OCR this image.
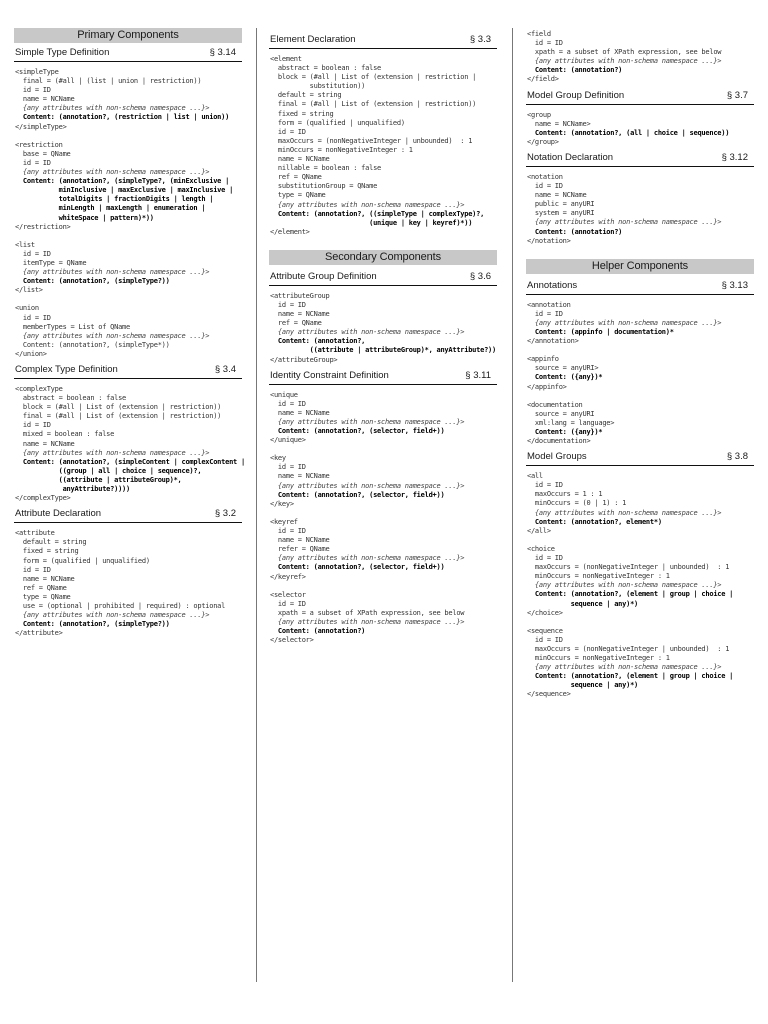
Primary Components
Simple Type Definition	§ 3.14
<simpleType
final = (#all | (list | union | restriction))
id = ID
name = NCName
{any attributes with non-schema namespace ...}>
Content: (annotation?, (restriction | list | union))
</simpleType>
<restriction
base = QName
id = ID
{any attributes with non-schema namespace ...}>
Content: (annotation?, (simpleType?, (minExclusive |
minInclusive | maxExclusive | maxInclusive |
totalDigits | fractionDigits | length |
minLength | maxLength | enumeration |
whiteSpace | pattern)*))
</restriction>
<list
id = ID
itemType = QName
{any attributes with non-schema namespace ...}>
Content: (annotation?, (simpleType?))
</list>
<union
id = ID
memberTypes = List of QName
{any attributes with non-schema namespace ...}>
Content: (annotation?, (simpleType*))
</union>
Complex Type Definition	§ 3.4
<complexType
abstract = boolean : false
block = (#all | List of (extension | restriction))
final = (#all | List of (extension | restriction))
id = ID
mixed = boolean : false
name = NCName
{any attributes with non-schema namespace ...}>
Content: (annotation?, (simpleContent | complexContent |
((group | all | choice | sequence)?,
((attribute | attributeGroup)*,
anyAttribute?))))
</complexType>
Attribute Declaration	§ 3.2
<attribute
default = string
fixed = string
form = (qualified | unqualified)
id = ID
name = NCName
ref = QName
type = QName
use = (optional | prohibited | required) : optional
{any attributes with non-schema namespace ...}>
Content: (annotation?, (simpleType?))
</attribute>
Element Declaration	§ 3.3
<element
abstract = boolean : false
block = (#all | List of (extension | restriction |
substitution))
default = string
final = (#all | List of (extension | restriction))
fixed = string
form = (qualified | unqualified)
id = ID
maxOccurs = (nonNegativeInteger | unbounded)  : 1
minOccurs = nonNegativeInteger : 1
name = NCName
nillable = boolean : false
ref = QName
substitutionGroup = QName
type = QName
{any attributes with non-schema namespace ...}>
Content: (annotation?, ((simpleType | complexType)?,
(unique | key | keyref)*))
</element>
Secondary Components
Attribute Group Definition	§ 3.6
<attributeGroup
id = ID
name = NCName
ref = QName
{any attributes with non-schema namespace ...}>
Content: (annotation?,
((attribute | attributeGroup)*, anyAttribute?))
</attributeGroup>
Identity Constraint Definition	§ 3.11
<unique
id = ID
name = NCName
{any attributes with non-schema namespace ...}>
Content: (annotation?, (selector, field+))
</unique>
<key
id = ID
name = NCName
{any attributes with non-schema namespace ...}>
Content: (annotation?, (selector, field+))
</key>
<keyref
id = ID
name = NCName
refer = QName
{any attributes with non-schema namespace ...}>
Content: (annotation?, (selector, field+))
</keyref>
<selector
id = ID
xpath = a subset of XPath expression, see below
{any attributes with non-schema namespace ...}>
Content: (annotation?)
</selector>
<field
id = ID
xpath = a subset of XPath expression, see below
{any attributes with non-schema namespace ...}>
Content: (annotation?)
</field>
Model Group Definition	§ 3.7
<group
name = NCName>
Content: (annotation?, (all | choice | sequence))
</group>
Notation Declaration	§ 3.12
<notation
id = ID
name = NCName
public = anyURI
system = anyURI
{any attributes with non-schema namespace ...}>
Content: (annotation?)
</notation>
Helper Components
Annotations	§ 3.13
<annotation
id = ID
{any attributes with non-schema namespace ...}>
Content: (appinfo | documentation)*
</annotation>
<appinfo
source = anyURI>
Content: ({any})*
</appinfo>
<documentation
source = anyURI
xml:lang = language>
Content: ({any})*
</documentation>
Model Groups	§ 3.8
<all
id = ID
maxOccurs = 1 : 1
minOccurs = (0 | 1) : 1
{any attributes with non-schema namespace ...}>
Content: (annotation?, element*)
</all>
<choice
id = ID
maxOccurs = (nonNegativeInteger | unbounded)  : 1
minOccurs = nonNegativeInteger : 1
{any attributes with non-schema namespace ...}>
Content: (annotation?, (element | group | choice |
sequence | any)*)
</choice>
<sequence
id = ID
maxOccurs = (nonNegativeInteger | unbounded)  : 1
minOccurs = nonNegativeInteger : 1
{any attributes with non-schema namespace ...}>
Content: (annotation?, (element | group | choice |
sequence | any)*)
</sequence>
